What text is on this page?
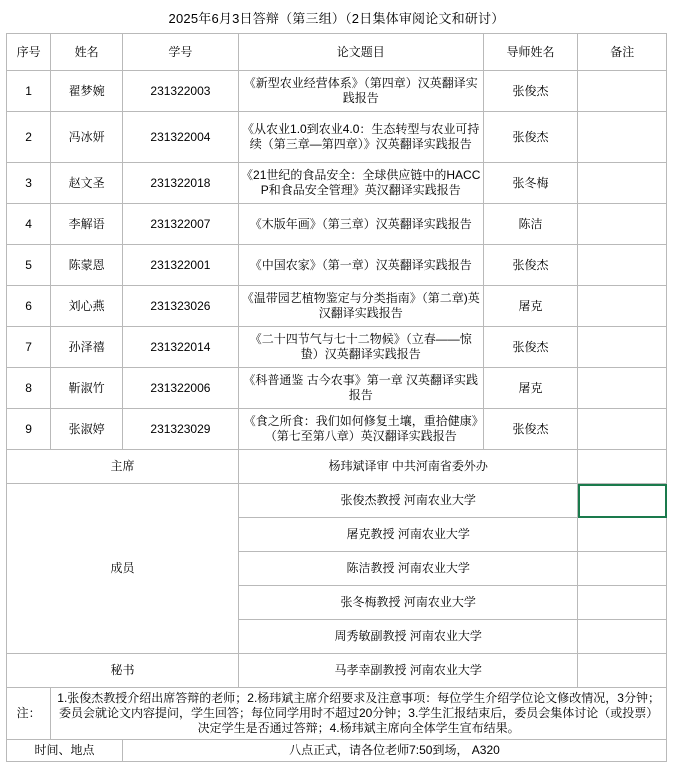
2025年6月3日答辩（第三组）（2日集体审阅论文和研讨）
序号	姓名	学号	论文题目	导师姓名	备注
1	翟梦婉	231322003	《新型农业经营体系》（第四章）汉英翻译实践报告	张俊杰	
2	冯冰妍	231322004	《从农业1.0到农业4.0：生态转型与农业可持续（第三章—第四章）》汉英翻译实践报告	张俊杰	
3	赵文圣	231322018	《21世纪的食品安全：全球供应链中的HACCP和食品安全管理》英汉翻译实践报告	张冬梅	
4	李解语	231322007	《木版年画》（第三章）汉英翻译实践报告	陈洁	
5	陈蒙恩	231322001	《中国农家》（第一章）汉英翻译实践报告	张俊杰	
6	刘心燕	231323026	《温带园艺植物鉴定与分类指南》（第二章)英汉翻译实践报告	屠克	
7	孙泽禧	231322014	《二十四节气与七十二物候》（立春——惊蛰）汉英翻译实践报告	张俊杰	
8	靳淑竹	231322006	《科普通鉴 古今农事》第一章 汉英翻译实践报告	屠克	
9	张淑婷	231323029	《食之所食：我们如何修复土壤，重拾健康》（第七至第八章）英汉翻译实践报告	张俊杰	
主席			杨玮斌译审 中共河南省委外办		
成员			张俊杰教授 河南农业大学		
			屠克教授 河南农业大学		
			陈洁教授 河南农业大学		
			张冬梅教授 河南农业大学		
			周秀敏副教授 河南农业大学		
秘书			马孝幸副教授 河南农业大学		
注：	1.张俊杰教授介绍出席答辩的老师；2.杨玮斌主席介绍要求及注意事项：每位学生介绍学位论文修改情况，3分钟；委员会就论文内容提问，学生回答；每位同学用时不超过20分钟；3.学生汇报结束后，委员会集体讨论（或投票）决定学生是否通过答辩；4.杨玮斌主席向全体学生宣布结果。				
时间、地点		八点正式，请各位老师7:50到场， A320			
